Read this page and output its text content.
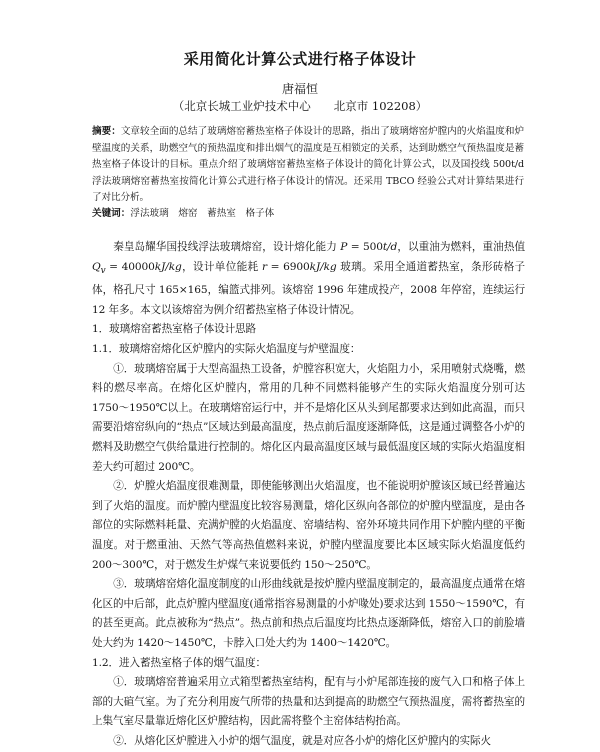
采用简化计算公式进行格子体设计
唐福恒
（北京长城工业炉技术中心　　北京市 102208）
摘要：文章较全面的总结了玻璃熔窑蓄热室格子体设计的思路，指出了玻璃熔窑炉膛内的火焰温度和炉壁温度的关系，助燃空气的预热温度和排出烟气的温度是互相锁定的关系，达到助燃空气预热温度是蓄热室格子体设计的目标。重点介绍了玻璃熔窑蓄热室格子体设计的简化计算公式，以及国投线 500t/d 浮法玻璃熔窑蓄热室按简化计算公式进行格子体设计的情况。还采用 TBCO 经验公式对计算结果进行了对比分析。
关键词：浮法玻璃　熔窑　蓄热室　格子体

秦皇岛耀华国投线浮法玻璃熔窑，设计熔化能力 P = 500t/d，以重油为燃料，重油热值 $Q_v = 40000kJ/kg$，设计单位能耗 r = 6900kJ/kg 玻璃。采用全通道蓄热室，条形砖格子体，格孔尺寸 165×165，编篮式排列。该熔窑 1996 年建成投产，2008 年停窑，连续运行 12 年多。本文以该熔窑为例介绍蓄热室格子体设计情况。

1．玻璃熔窑蓄热室格子体设计思路

1.1．玻璃熔窑熔化区炉膛内的实际火焰温度与炉壁温度：

①．玻璃熔窑属于大型高温热工设备，炉膛容积宽大，火焰阻力小，采用喷射式烧嘴，燃料的燃尽率高。在熔化区炉膛内，常用的几种不同燃料能够产生的实际火焰温度分别可达 1750～1950℃以上。在玻璃熔窑运行中，并不是熔化区从头到尾都要求达到如此高温，而只需要沿熔窑纵向的“热点”区域达到最高温度，热点前后温度逐渐降低，这是通过调整各小炉的燃料及助燃空气供给量进行控制的。熔化区内最高温度区域与最低温度区域的实际火焰温度相差大约可超过 200℃。

②．炉膛火焰温度很难测量，即使能够测出火焰温度，也不能说明炉膛该区域已经普遍达到了火焰的温度。而炉膛内壁温度比较容易测量，熔化区纵向各部位的炉膛内壁温度，是由各部位的实际燃料耗量、充满炉膛的火焰温度、窑墙结构、窑外环境共同作用下炉膛内壁的平衡温度。对于燃重油、天然气等高热值燃料来说，炉膛内壁温度要比本区域实际火焰温度低约 200～300℃，对于燃发生炉煤气来说要低约 150～250℃。

③．玻璃熔窑熔化温度制度的山形曲线就是按炉膛内壁温度制定的，最高温度点通常在熔化区的中后部，此点炉膛内壁温度(通常指容易测量的小炉喙处)要求达到 1550～1590℃，有的甚至更高。此点被称为“热点”。热点前和热点后温度均比热点逐渐降低，熔窑入口的前脸墙处大约为 1420～1450℃，卡脖入口处大约为 1400～1420℃。

1.2．进入蓄热室格子体的烟气温度：

①．玻璃熔窑普遍采用立式箱型蓄热室结构，配有与小炉尾部连接的废气入口和格子体上部的大碹气室。为了充分利用废气所带的热量和达到提高的助燃空气预热温度，需将蓄热室的上集气室尽量靠近熔化区炉膛结构，因此需将整个主窑体结构抬高。

②．从熔化区炉膛进入小炉的烟气温度，就是对应各小炉的熔化区炉膛内的实际火
